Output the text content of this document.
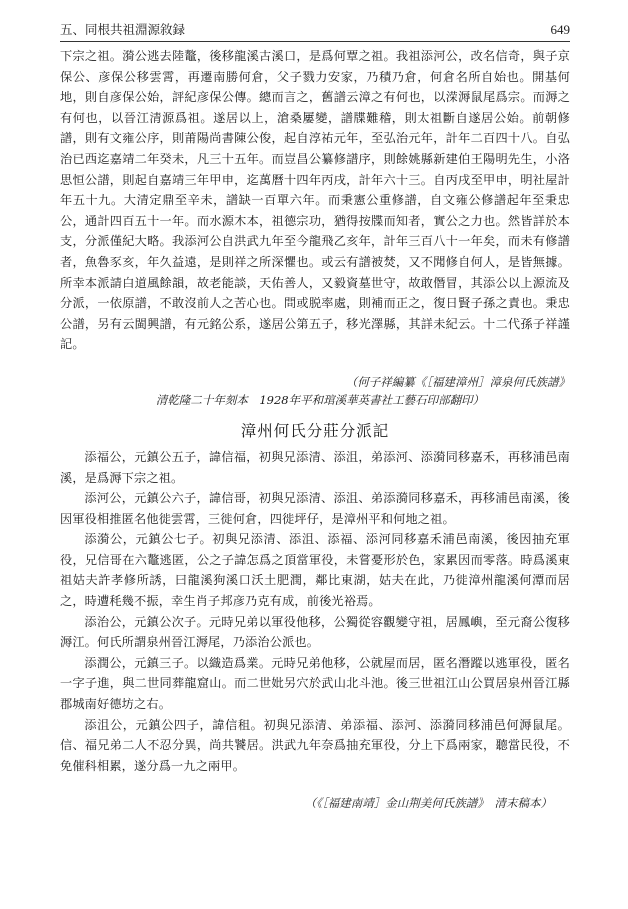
五、同根共祖淵源敘録	649

下宗之祖。漪公逃去陸鼇，後移龍溪古溪口，是爲何覃之祖。我祖添河公，改名信奇，與子京保公、彦保公移雲霄，再遷南勝何倉，父子戮力安家，乃積乃倉，何倉名所自始也。開基何地，則自彦保公始，評紀彦保公傳。總而言之，舊譜云漳之有何也，以溁溽鼠尾爲宗。而溽之有何也，以晉江清源爲祖。遂居以上，滄桑屢變，譜牒難稽，則太祖斷自遂居公始。前朝修譜，則有文雍公序，則莆陽尚書陳公俊，起自淳祐元年，至弘治元年，計年二百四十八。自弘治已西迄嘉靖二年癸未，凡三十五年。而豈昌公纂修譜序，則餘姚縣新建伯王陽明先生，小洛思恒公譜，則起自嘉靖三年甲申，迄萬曆十四年丙戌，計年六十三。自丙戌至甲申，明社屋計年五十九。大清定鼎至辛未，譜缺一百單六年。而秉憲公重修譜，自文雍公修譜起年至秉忠公，通計四百五十一年。而水源木本，祖德宗功，猶得按牒而知者，實公之力也。然皆詳於本支，分派僅紀大略。我添河公自洪武九年至今龍飛乙亥年，計年三百八十一年矣，而未有修譜者，魚魯豕亥，年久益遠，是則祥之所深懼也。或云有譜被焚，又不聞修自何人，是皆無據。所幸本派請白道風餘韻，故老能談，天佑善人，又毅資墓世守，故敢僭冒，其添公以上源流及分派，一依原譜，不敢沒前人之苦心也。問或脱率處，則補而正之，復日賢子孫之責也。秉忠公譜，另有云閩興譜，有元銘公系，遂居公第五子，移光澤縣，其詳未紀云。十二代孫子祥謹記。

（何子祥編纂《［福建漳州］漳泉何氏族譜》
清乾隆二十年刻本　1928年平和琯溪華英書社工藝石印部翻印）
漳州何氏分莊分派記

添福公，元鎮公五子，諱信福，初與兄添清、添沮，弟添河、添漪同移嘉禾，再移浦邑南溪，是爲溽下宗之祖。

添河公，元鎮公六子，諱信哥，初與兄添清、添沮、弟添漪同移嘉禾，再移浦邑南溪，後因軍役相推匿名他徙雲霄，三徙何倉，四徙坪仔，是漳州平和何地之祖。

添漪公，元鎮公七子。初與兄添清、添沮、添福、添河同移嘉禾浦邑南溪，後因抽充軍役，兄信哥在六鼇逃匿，公之子諱怎爲之頂當軍役，未嘗憂形於色，家累因而零落。時爲溪東祖姑夫許孝修所誘，曰龍溪狗溪口沃土肥潤，鄰比東湖，姑夫在此，乃徙漳州龍溪何潭而居之，時遭秏幾不振，幸生肖子邦彦乃克有成，前後光裕焉。

添治公，元鎮公次子。元時兄弟以軍役他移，公獨從容觀變守祖，居鳳嶼，至元裔公復移溽江。何氏所謂泉州晉江溽尾，乃添治公派也。

添潤公，元鎮三子。以織造爲業。元時兄弟他移，公就屋而居，匿名潛蹤以逃軍役，匿名一字子進，與二世同葬龍窟山。而二世妣另穴於武山北斗池。後三世祖江山公買居泉州晉江縣郡城南好德坊之右。

添沮公，元鎮公四子，諱信租。初與兄添清、弟添福、添河、添漪同移浦邑何溽鼠尾。信、福兄弟二人不忍分異，尚共饕居。洪武九年奈爲抽充軍役，分上下爲兩家，聽當民役，不免催科相累，遂分爲一九之兩甲。

（《［福建南靖］金山荆美何氏族譜》　清末稿本）
